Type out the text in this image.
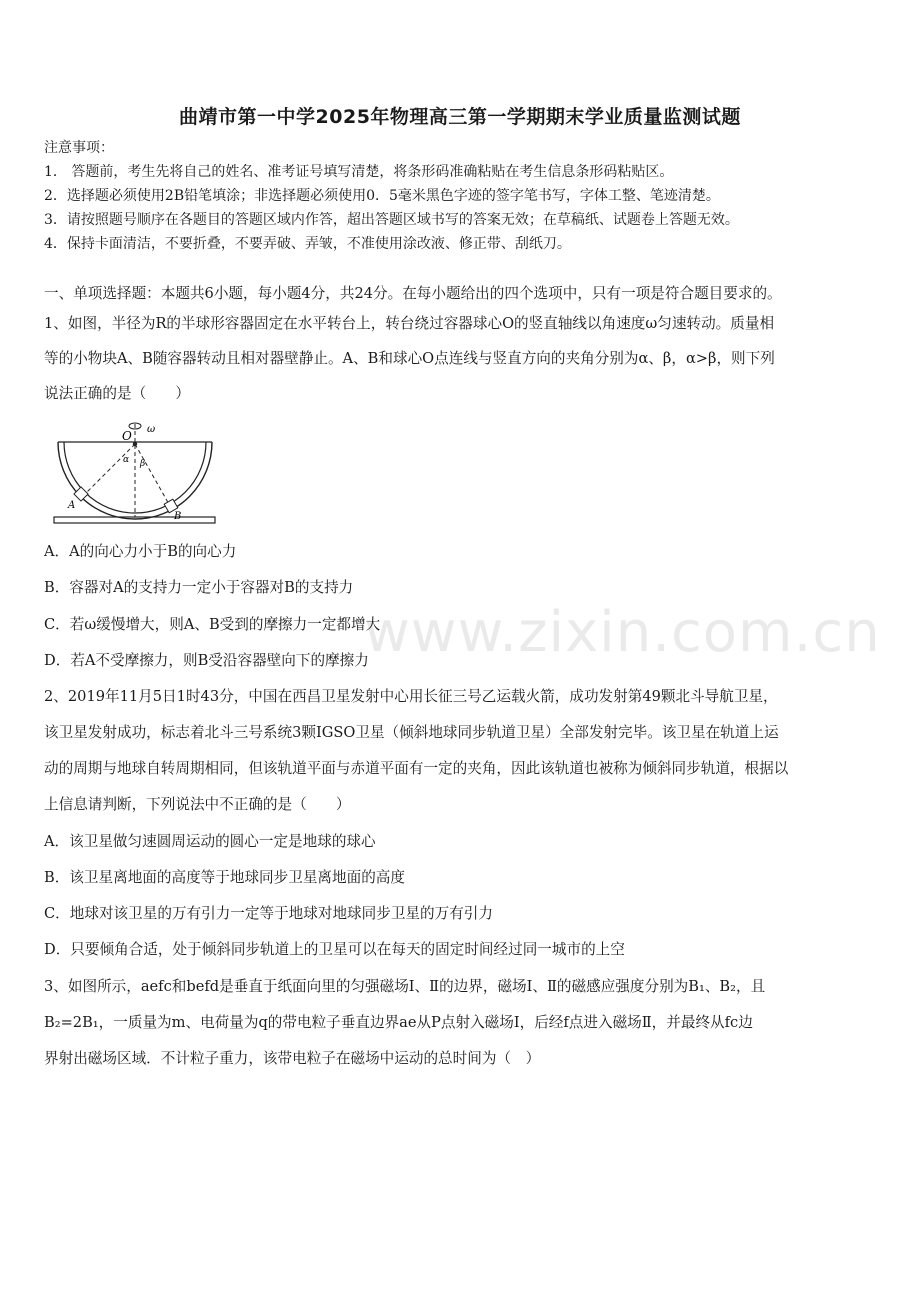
曲靖市第一中学2025年物理高三第一学期期末学业质量监测试题
注意事项：
1． 答题前，考生先将自己的姓名、准考证号填写清楚，将条形码准确粘贴在考生信息条形码粘贴区。
2．选择题必须使用2B铅笔填涂；非选择题必须使用0．5毫米黑色字迹的签字笔书写，字体工整、笔迹清楚。
3．请按照题号顺序在各题目的答题区域内作答，超出答题区域书写的答案无效；在草稿纸、试题卷上答题无效。
4．保持卡面清洁，不要折叠，不要弄破、弄皱，不准使用涂改液、修正带、刮纸刀。
一、单项选择题：本题共6小题，每小题4分，共24分。在每小题给出的四个选项中，只有一项是符合题目要求的。
1、如图，半径为R的半球形容器固定在水平转台上，转台绕过容器球心O的竖直轴线以角速度ω匀速转动。质量相
等的小物块A、B随容器转动且相对器壁静止。A、B和球心O点连线与竖直方向的夹角分别为α、β，α>β，则下列
说法正确的是（　　）
O ω
α β
A
B
A．A的向心力小于B的向心力
B．容器对A的支持力一定小于容器对B的支持力
C．若ω缓慢增大，则A、B受到的摩擦力一定都增大
D．若A不受摩擦力，则B受沿容器壁向下的摩擦力
2、2019年11月5日1时43分，中国在西昌卫星发射中心用长征三号乙运载火箭，成功发射第49颗北斗导航卫星，
该卫星发射成功，标志着北斗三号系统3颗IGSO卫星（倾斜地球同步轨道卫星）全部发射完毕。该卫星在轨道上运
动的周期与地球自转周期相同，但该轨道平面与赤道平面有一定的夹角，因此该轨道也被称为倾斜同步轨道，根据以
上信息请判断，下列说法中不正确的是（　　）
A．该卫星做匀速圆周运动的圆心一定是地球的球心
B．该卫星离地面的高度等于地球同步卫星离地面的高度
C．地球对该卫星的万有引力一定等于地球对地球同步卫星的万有引力
D．只要倾角合适，处于倾斜同步轨道上的卫星可以在每天的固定时间经过同一城市的上空
3、如图所示，aefc和befd是垂直于纸面向里的匀强磁场Ⅰ、Ⅱ的边界，磁场Ⅰ、Ⅱ的磁感应强度分别为B₁、B₂，且
B₂=2B₁，一质量为m、电荷量为q的带电粒子垂直边界ae从P点射入磁场Ⅰ，后经f点进入磁场Ⅱ，并最终从fc边
界射出磁场区域．不计粒子重力，该带电粒子在磁场中运动的总时间为（　）
www.zixin.com.cn
